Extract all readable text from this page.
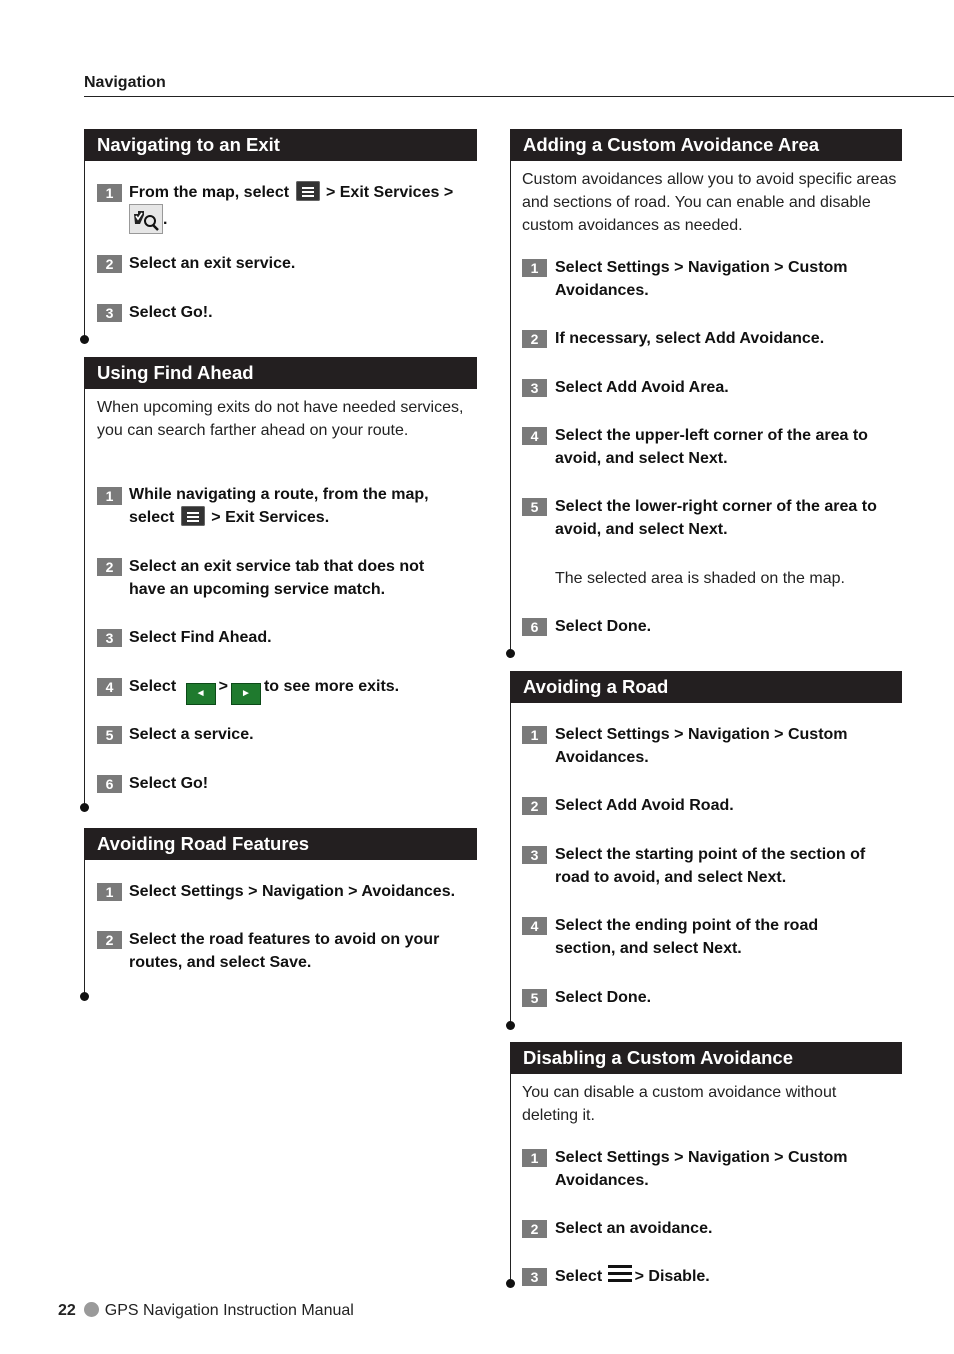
Navigation
Navigating to an Exit
1 From the map, select > Exit Services >

.
2 Select an exit service.
3 Select Go!.
Using Find Ahead
When upcoming exits do not have needed services, you can search farther ahead on your route.
1 While navigating a route, from the map,
select > Exit Services.
2 Select an exit service tab that does not have an upcoming service match.
3 Select Find Ahead.
4 Select ◄ > ► to see more exits.
5 Select a service.
6 Select Go!
Avoiding Road Features
1 Select Settings > Navigation > Avoidances.
2 Select the road features to avoid on your routes, and select Save.
Adding a Custom Avoidance Area
Custom avoidances allow you to avoid specific areas and sections of road. You can enable and disable custom avoidances as needed.
1	Select Settings > Navigation > Custom Avoidances.
2	If necessary, select Add Avoidance.
3	Select Add Avoid Area.
4	Select the upper-left corner of the area to avoid, and select Next.
5	Select the lower-right corner of the area to avoid, and select Next.
The selected area is shaded on the map.
6	Select Done.
Avoiding a Road
1	Select Settings > Navigation > Custom Avoidances.
2	Select Add Avoid Road.
3	Select the starting point of the section of road to avoid, and select Next.
4	Select the ending point of the road section, and select Next.
5	Select Done.
Disabling a Custom Avoidance
You can disable a custom avoidance without deleting it.
1	Select Settings > Navigation > Custom Avoidances.
2	Select an avoidance.
3	Select > Disable.
22 GPS Navigation Instruction Manual
